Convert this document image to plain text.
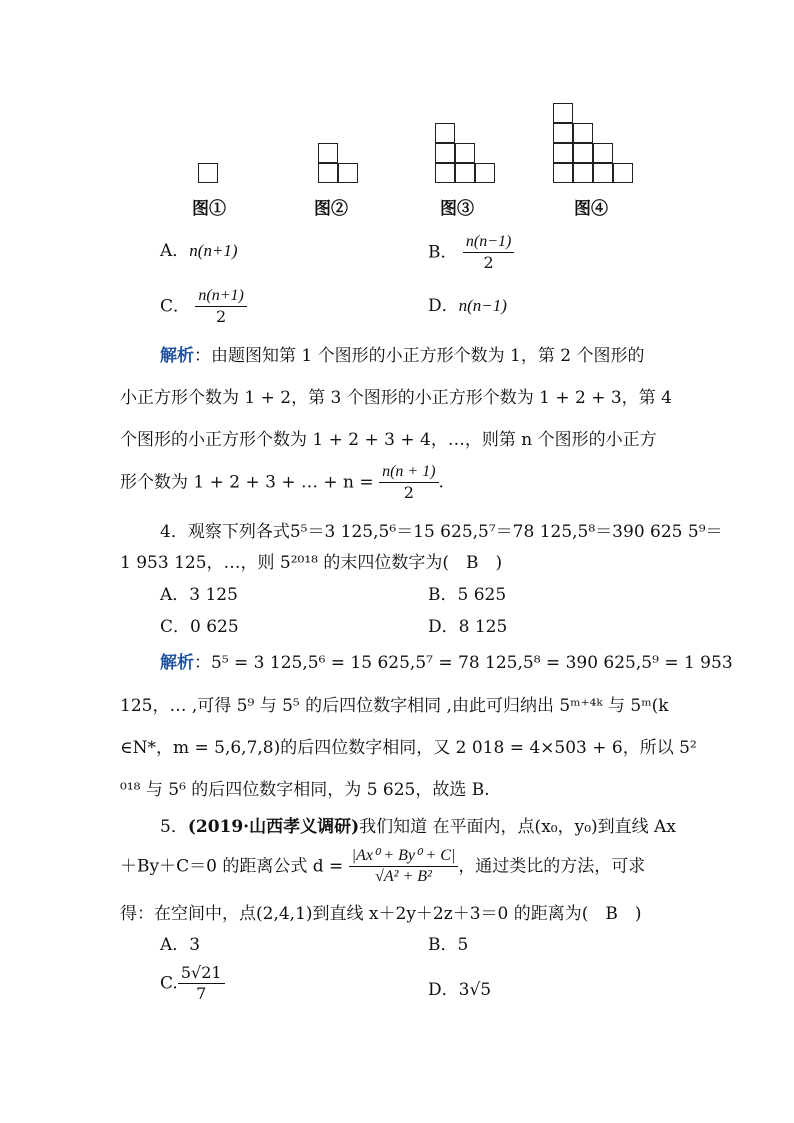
图①	图②	图③	图④
A．n(n+1)	B． $\frac{n(n-1)}{2}$
C． $\frac{n(n+1)}{2}$	D．n(n−1)
解析：由题图知第 1 个图形的小正方形个数为 1，第 2 个图形的
小正方形个数为 1 + 2，第 3 个图形的小正方形个数为 1 + 2 + 3，第 4
个图形的小正方形个数为 1 + 2 + 3 + 4，…，则第 n 个图形的小正方
形个数为 1 + 2 + 3 + … + $n = \frac{n(n + 1)}{2}$ .
4．观察下列各式5⁵＝3 125,5⁶＝15 625,5⁷＝78 125,5⁸＝390 625 5⁹＝
1 953 125，…，则 5²⁰¹⁸ 的末四位数字为(　B　)
A．3 125	B．5 625
C．0 625	D．8 125
解析：5⁵ = 3 125,5⁶ = 15 625,5⁷ = 78 125,5⁸ = 390 625,5⁹ = 1 953
125，… ,可得 5⁹ 与 5⁵ 的后四位数字相同 ,由此可归纳出 5ᵐ⁺⁴ᵏ 与 5ᵐ(k
∈N*，m = 5,6,7,8)的后四位数字相同，又 2 018 = 4×503 + 6，所以 5²
⁰¹⁸ 与 5⁶ 的后四位数字相同，为 5 625，故选 B.
5．(2019·山西孝义调研)我们知道 在平面内，点(x₀，y₀)到直线 Ax
＋By＋C＝0 的距离公式 $d = \frac{\text{|Ax⁰ + By⁰ + C|}}{\text{√A² + B²}}$ ，通过类比的方法，可求
得：在空间中，点(2,4,1)到直线 x＋2y＋2z＋3＝0 的距离为(　B　)
A．3	B．5
C. $\frac{5√21}{7}$	D．3√5
